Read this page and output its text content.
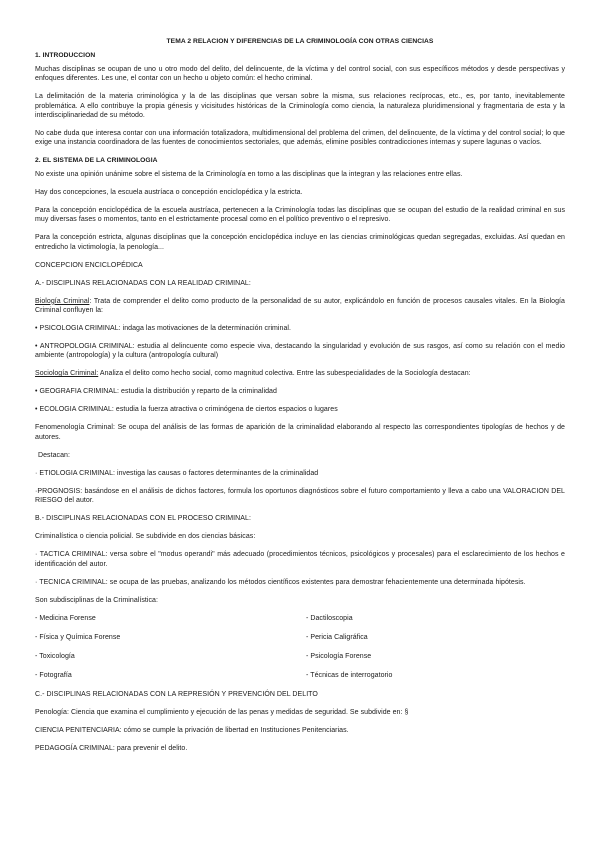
TEMA 2 RELACION Y DIFERENCIAS DE LA CRIMINOLOGÍA CON OTRAS CIENCIAS
1. INTRODUCCION

Muchas disciplinas se ocupan de uno u otro modo del delito, del delincuente, de la víctima y del control social, con sus específicos métodos y desde perspectivas y enfoques diferentes. Les une, el contar con un hecho u objeto común: el hecho criminal.

La delimitación de la materia criminológica y la de las disciplinas que versan sobre la misma, sus relaciones recíprocas, etc., es, por tanto, inevitablemente problemática. A ello contribuye la propia génesis y vicisitudes históricas de la Criminología como ciencia, la naturaleza pluridimensional y fragmentaria de esta y la interdisciplinariedad de su método.

No cabe duda que interesa contar con una información totalizadora, multidimensional del problema del crimen, del delincuente, de la víctima y del control social; lo que exige una instancia coordinadora de las fuentes de conocimientos sectoriales, que además, elimine posibles contradicciones internas y supere lagunas o vacíos.

2. EL SISTEMA DE LA CRIMINOLOGIA

No existe una opinión unánime sobre el sistema de la Criminología en torno a las disciplinas que la integran y las relaciones entre ellas.

Hay dos concepciones, la escuela austríaca o concepción enciclopédica y la estricta.

Para la concepción enciclopédica de la escuela austríaca, pertenecen a la Criminología todas las disciplinas que se ocupan del estudio de la realidad criminal en sus muy diversas fases o momentos, tanto en el estrictamente procesal como en el político preventivo o el represivo.

Para la concepción estricta, algunas disciplinas que la concepción enciclopédica incluye en las ciencias criminológicas quedan segregadas, excluidas. Así quedan en entredicho la victimología, la penología...

CONCEPCION ENCICLOPÉDICA
A.- DISCIPLINAS RELACIONADAS CON LA REALIDAD CRIMINAL:

Biología Criminal: Trata de comprender el delito como producto de la personalidad de su autor, explicándolo en función de procesos causales vitales. En la Biología Criminal confluyen la:

• PSICOLOGIA CRIMINAL: indaga las motivaciones de la determinación criminal.

• ANTROPOLOGIA CRIMINAL: estudia al delincuente como especie viva, destacando la singularidad y evolución de sus rasgos, así como su relación con el medio ambiente (antropología) y la cultura (antropología cultural)

Sociología Criminal: Analiza el delito como hecho social, como magnitud colectiva. Entre las subespecialidades de la Sociología destacan:

• GEOGRAFIA CRIMINAL: estudia la distribución y reparto de la criminalidad

• ECOLOGIA CRIMINAL: estudia la fuerza atractiva o criminógena de ciertos espacios o lugares

Fenomenología Criminal: Se ocupa del análisis de las formas de aparición de la criminalidad elaborando al respecto las correspondientes tipologías de hechos y de autores.

Destacan:

· ETIOLOGIA CRIMINAL: investiga las causas o factores determinantes de la criminalidad

·PROGNOSIS: basándose en el análisis de dichos factores, formula los oportunos diagnósticos sobre el futuro comportamiento y lleva a cabo una VALORACION DEL RIESGO del autor.

B.- DISCIPLINAS RELACIONADAS CON EL PROCESO CRIMINAL:

Criminalística o ciencia policial. Se subdivide en dos ciencias básicas:

· TACTICA CRIMINAL: versa sobre el "modus operandi" más adecuado (procedimientos técnicos, psicológicos y procesales) para el esclarecimiento de los hechos e identificación del autor.

· TECNICA CRIMINAL: se ocupa de las pruebas, analizando los métodos científicos existentes para demostrar fehacientemente una determinada hipótesis.

Son subdisciplinas de la Criminalística:

- Medicina Forense

- Física y Química Forense

- Toxicología

- Fotografía

- Dactiloscopia

- Pericia Caligráfica

- Psicología Forense

- Técnicas de interrogatorio

C.- DISCIPLINAS RELACIONADAS CON LA REPRESIÓN Y PREVENCIÓN DEL DELITO

Penología: Ciencia que examina el cumplimiento y ejecución de las penas y medidas de seguridad. Se subdivide en: §

CIENCIA PENITENCIARIA: cómo se cumple la privación de libertad en Instituciones Penitenciarias.

PEDAGOGÍA CRIMINAL: para prevenir el delito.
